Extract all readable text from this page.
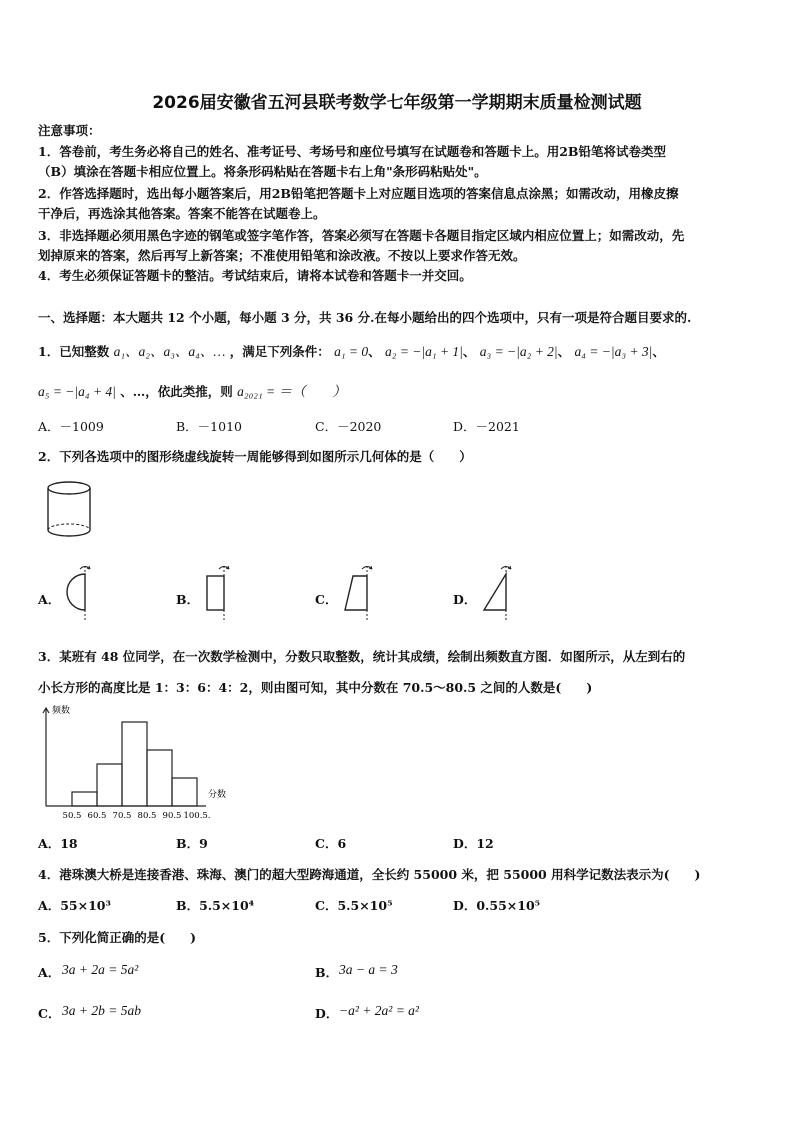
2026届安徽省五河县联考数学七年级第一学期期末质量检测试题
注意事项：
1．答卷前，考生务必将自己的姓名、准考证号、考场号和座位号填写在试题卷和答题卡上。用2B铅笔将试卷类型
（B）填涂在答题卡相应位置上。将条形码粘贴在答题卡右上角"条形码粘贴处"。
2．作答选择题时，选出每小题答案后，用2B铅笔把答题卡上对应题目选项的答案信息点涂黑；如需改动，用橡皮擦
干净后，再选涂其他答案。答案不能答在试题卷上。
3．非选择题必须用黑色字迹的钢笔或签字笔作答，答案必须写在答题卡各题目指定区域内相应位置上；如需改动，先
划掉原来的答案，然后再写上新答案；不准使用铅笔和涂改液。不按以上要求作答无效。
4．考生必须保证答题卡的整洁。考试结束后，请将本试卷和答题卡一并交回。
一、选择题：本大题共 12 个小题，每小题 3 分，共 36 分.在每小题给出的四个选项中，只有一项是符合题目要求的.
1．已知整数 a₁、a₂、a₃、a₄、… ，满足下列条件： a₁ = 0、 a₂ = −|a₁ + 1|、 a₃ = −|a₂ + 2|、 a₄ = −|a₃ + 3|、
a₅ = −|a₄ + 4| 、…，依此类推，则 a₂₀₂₁ = ＝（　　）
A．－1009	B．－1010	C．－2020	D．－2021
2．下列各选项中的图形绕虚线旋转一周能够得到如图所示几何体的是（　　）
A．	B．	C．	D．
3．某班有 48 位同学，在一次数学检测中，分数只取整数，统计其成绩，绘制出频数直方图．如图所示，从左到右的
小长方形的高度比是 1：3：6：4：2，则由图可知，其中分数在 70.5～80.5 之间的人数是(　　)
50.5 60.5 70.5 80.5 90.5 100.5.
频数
分数
A．18	B．9	C．6	D．12
4．港珠澳大桥是连接香港、珠海、澳门的超大型跨海通道，全长约 55000 米，把 55000 用科学记数法表示为(　　)
A．55×10³	B．5.5×10⁴	C．5.5×10⁵	D．0.55×10⁵
5．下列化简正确的是(　　)
A． 3a + 2a = 5a²	B． 3a − a = 3
C． 3a + 2b = 5ab	D． −a² + 2a² = a²
